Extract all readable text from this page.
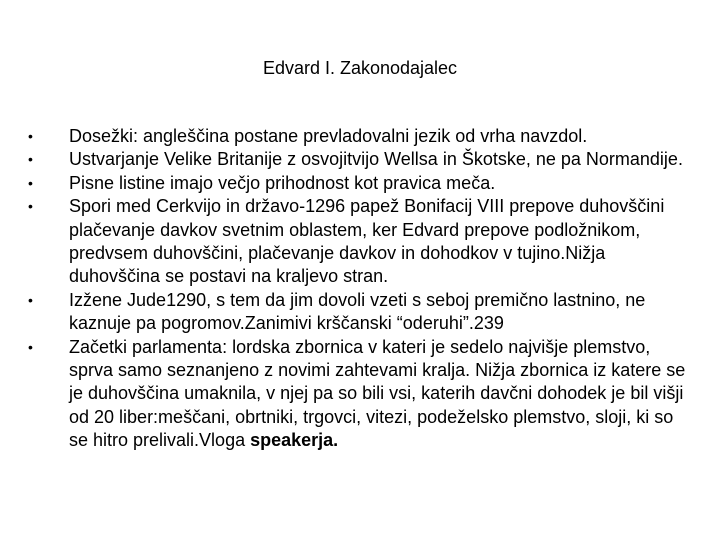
Edvard I. Zakonodajalec
•	Dosežki: angleščina postane prevladovalni jezik od vrha navzdol.
•	Ustvarjanje Velike Britanije z osvojitvijo Wellsa in Škotske, ne pa Normandije.
•	Pisne listine imajo večjo prihodnost kot pravica meča.
•	Spori med Cerkvijo in državo-1296 papež Bonifacij VIII prepove duhovščini plačevanje davkov svetnim oblastem, ker Edvard prepove podložnikom, predvsem duhovščini, plačevanje davkov in dohodkov v tujino.Nižja duhovščina se postavi na kraljevo stran.
•	Izžene Jude1290, s tem da jim dovoli vzeti s seboj premično lastnino, ne kaznuje pa pogromov.Zanimivi krščanski “oderuhi”.239
•	Začetki parlamenta: lordska zbornica v kateri je sedelo najvišje plemstvo, sprva samo seznanjeno z novimi zahtevami kralja. Nižja zbornica iz katere se je duhovščina umaknila, v njej pa so bili vsi, katerih davčni dohodek je bil višji od 20 liber:meščani, obrtniki, trgovci, vitezi, podeželsko plemstvo, sloji, ki so se hitro prelivali.Vloga speakerja.
